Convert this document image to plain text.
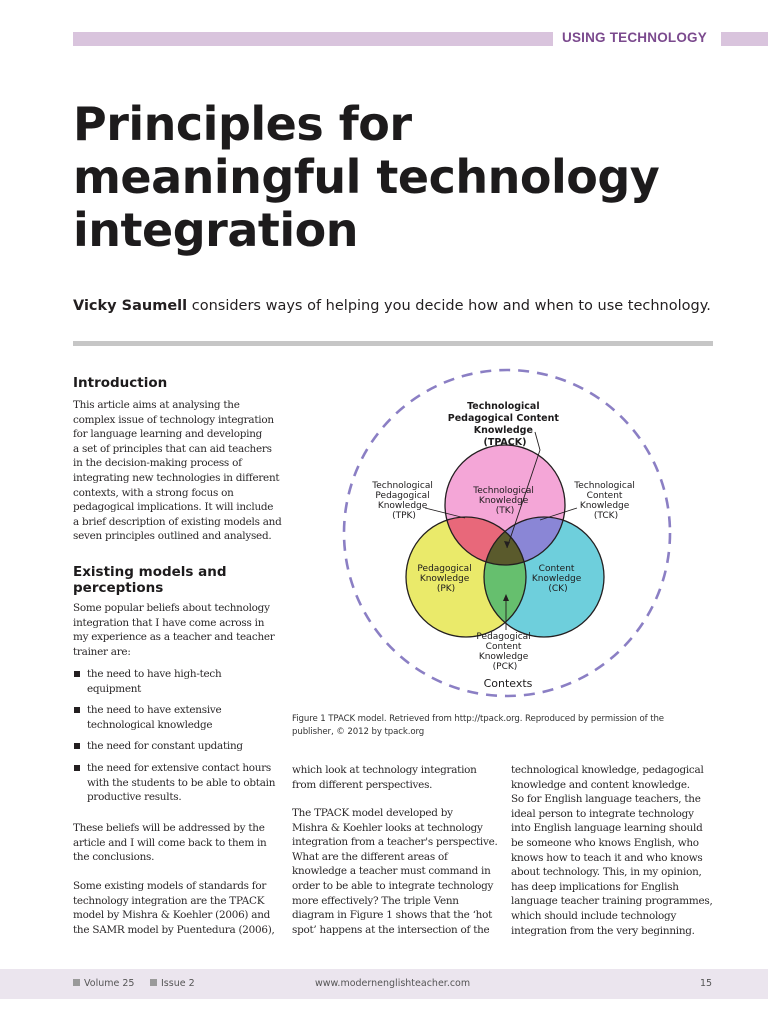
USING TECHNOLOGY
Principles for
meaningful technology
integration
Vicky Saumell considers ways of helping you decide how and when to use technology.
Introduction
This article aims at analysing the
complex issue of technology integration
for language learning and developing
a set of principles that can aid teachers
in the decision-making process of
integrating new technologies in different
contexts, with a strong focus on
pedagogical implications. It will include
a brief description of existing models and
seven principles outlined and analysed.
Existing models and
perceptions
Some popular beliefs about technology
integration that I have come across in
my experience as a teacher and teacher
trainer are:
the need to have high-tech
equipment
the need to have extensive
technological knowledge
the need for constant updating
the need for extensive contact hours
with the students to be able to obtain
productive results.
These beliefs will be addressed by the
article and I will come back to them in
the conclusions.
Some existing models of standards for
technology integration are the TPACK
model by Mishra & Koehler (2006) and
the SAMR model by Puentedura (2006),
Technological Pedagogical Content Knowledge (TPACK)
Technological Pedagogical Knowledge (TPK)
Technological Content Knowledge (TCK)
Technological Knowledge (TK)
Pedagogical Knowledge (PK)
Content Knowledge (CK)
Pedagogical Content Knowledge (PCK)
Contexts
Figure 1 TPACK model. Retrieved from http://tpack.org. Reproduced by permission of the
publisher, © 2012 by tpack.org
which look at technology integration
from different perspectives.
The TPACK model developed by
Mishra & Koehler looks at technology
integration from a teacher's perspective.
What are the different areas of
knowledge a teacher must command in
order to be able to integrate technology
more effectively? The triple Venn
diagram in Figure 1 shows that the ‘hot
spot’ happens at the intersection of the
technological knowledge, pedagogical
knowledge and content knowledge.
So for English language teachers, the
ideal person to integrate technology
into English language learning should
be someone who knows English, who
knows how to teach it and who knows
about technology. This, in my opinion,
has deep implications for English
language teacher training programmes,
which should include technology
integration from the very beginning.
Volume 25	Issue 2	www.modernenglishteacher.com	15
